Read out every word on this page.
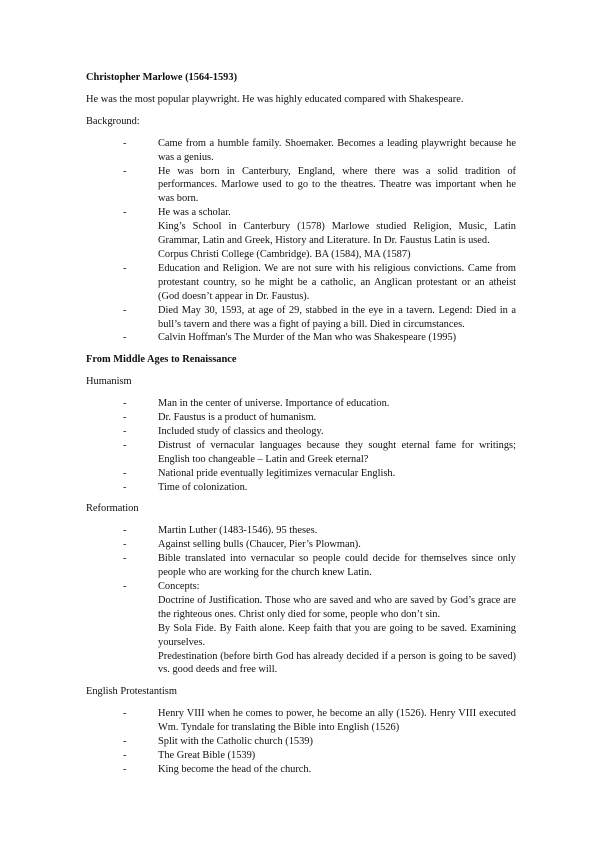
Christopher Marlowe (1564-1593)

He was the most popular playwright. He was highly educated compared with Shakespeare.

Background:

- Came from a humble family. Shoemaker. Becomes a leading playwright because he was a genius.
- He was born in Canterbury, England, where there was a solid tradition of performances. Marlowe used to go to the theatres. Theatre was important when he was born.
- He was a scholar.
King’s School in Canterbury (1578) Marlowe studied Religion, Music, Latin Grammar, Latin and Greek, History and Literature. In Dr. Faustus Latin is used.
Corpus Christi College (Cambridge). BA (1584), MA (1587)
- Education and Religion. We are not sure with his religious convictions. Came from protestant country, so he might be a catholic, an Anglican protestant or an atheist (God doesn’t appear in Dr. Faustus).
- Died May 30, 1593, at age of 29, stabbed in the eye in a tavern. Legend: Died in a bull’s tavern and there was a fight of paying a bill. Died in circumstances.
- Calvin Hoffman's The Murder of the Man who was Shakespeare (1995)

From Middle Ages to Renaissance

Humanism

- Man in the center of universe. Importance of education.
- Dr. Faustus is a product of humanism.
- Included study of classics and theology.
- Distrust of vernacular languages because they sought eternal fame for writings; English too changeable – Latin and Greek eternal?
- National pride eventually legitimizes vernacular English.
- Time of colonization.

Reformation

- Martin Luther (1483-1546). 95 theses.
- Against selling bulls (Chaucer, Pier’s Plowman).
- Bible translated into vernacular so people could decide for themselves since only people who are working for the church knew Latin.
- Concepts:
Doctrine of Justification. Those who are saved and who are saved by God’s grace are the righteous ones. Christ only died for some, people who don’t sin.
By Sola Fide. By Faith alone. Keep faith that you are going to be saved. Examining yourselves.
Predestination (before birth God has already decided if a person is going to be saved) vs. good deeds and free will.

English Protestantism

- Henry VIII when he comes to power, he become an ally (1526). Henry VIII executed Wm. Tyndale for translating the Bible into English (1526)
- Split with the Catholic church (1539)
- The Great Bible (1539)
- King become the head of the church.
